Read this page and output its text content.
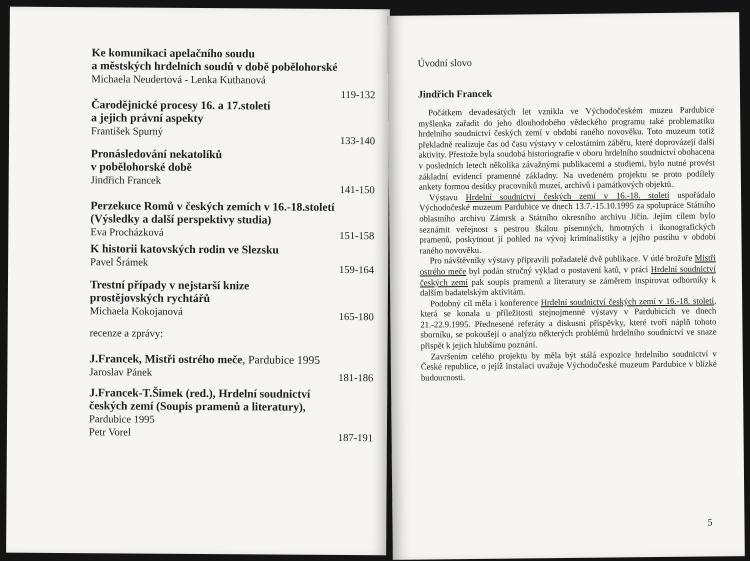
Ke komunikaci apelačního soudu
a městských hrdelních soudů v době pobělohorské
Michaela Neudertová - Lenka Kuthanová
119-132
Čarodějnické procesy 16. a 17.století
a jejich právní aspekty
František Spurný
133-140
Pronásledování nekatolíků
v pobělohorské době
Jindřich Francek
141-150
Perzekuce Romů v českých zemích v 16.-18.století
(Výsledky a další perspektivy studia)
Eva Procházková	151-158
K historii katovských rodin ve Slezsku
Pavel Šrámek
159-164
Trestní případy v nejstarší knize
prostějovských rychtářů
Michaela Kokojanová	165-180
recenze a zprávy:
J.Francek, Mistři ostrého meče, Pardubice 1995
Jaroslav Pánek	181-186
J.Francek-T.Šimek (red.), Hrdelní soudnictví
českých zemí (Soupis pramenů a literatury),
Pardubice 1995
Petr Vorel
187-191
Úvodní slovo
Jindřich Francek

Počátkem devadesátých let vznikla ve Východočeském muzeu Pardubice myšlenka zařadit do jeho dlouhodobého vědeckého programu také problematiku hrdelního soudnictví českých zemí v období raného novověku. Toto muzeum totiž překladně realizuje čas od času výstavy v celostátním záběru, které doprovázejí další aktivity. Přestože byla soudobá historiografie v oboru hrdelního soudnictví obohacena v posledních letech několika závažnými publikacemi a studiemi, bylo nutné provést základní evidenci pramenné základny. Na uvedeném projektu se proto podílely ankety formou desítky pracovníků muzeí, archivů i památkových objektů.

Výstavu Hrdelní soudnictví českých zemí v 16.-18. století uspořádalo Východočeské muzeum Pardubice ve dnech 13.7.-15.10.1995 za spolupráce Státního oblastního archivu Zámrsk a Státního okresního archivu Jičín. Jejím cílem bylo seznámit veřejnost s pestrou škálou písemných, hmotných i ikonografických pramenů, poskytnout jí pohled na vývoj kriminalistiky a jejího postihu v období raného novověku.

Pro návštěvníky výstavy připravili pořadatelé dvě publikace. V útlé brožuře Mistři ostrého meče byl podán stručný výklad o postavení katů, v práci Hrdelní soudnictví českých zemí pak soupis pramenů a literatury se záměrem inspirovat odborníky k dalším badatelským aktivitám.

Podobný cíl měla i konference Hrdelní soudnictví českých zemí v 16.-18. století, která se konala u příležitosti stejnojmenné výstavy v Pardubicích ve dnech 21.-22.9.1995. Přednesené referáty a diskusní příspěvky, které tvoří náplň tohoto sborníku, se pokoušejí o analýzu některých problémů hrdelního soudnictví ve snaze přispět k jejich hlubšímu poznání.

Završením celého projektu by měla být stálá expozice hrdelního soudnictví v České republice, o jejíž instalaci uvažuje Východočeské muzeum Pardubice v blízké budoucnosti.

5
